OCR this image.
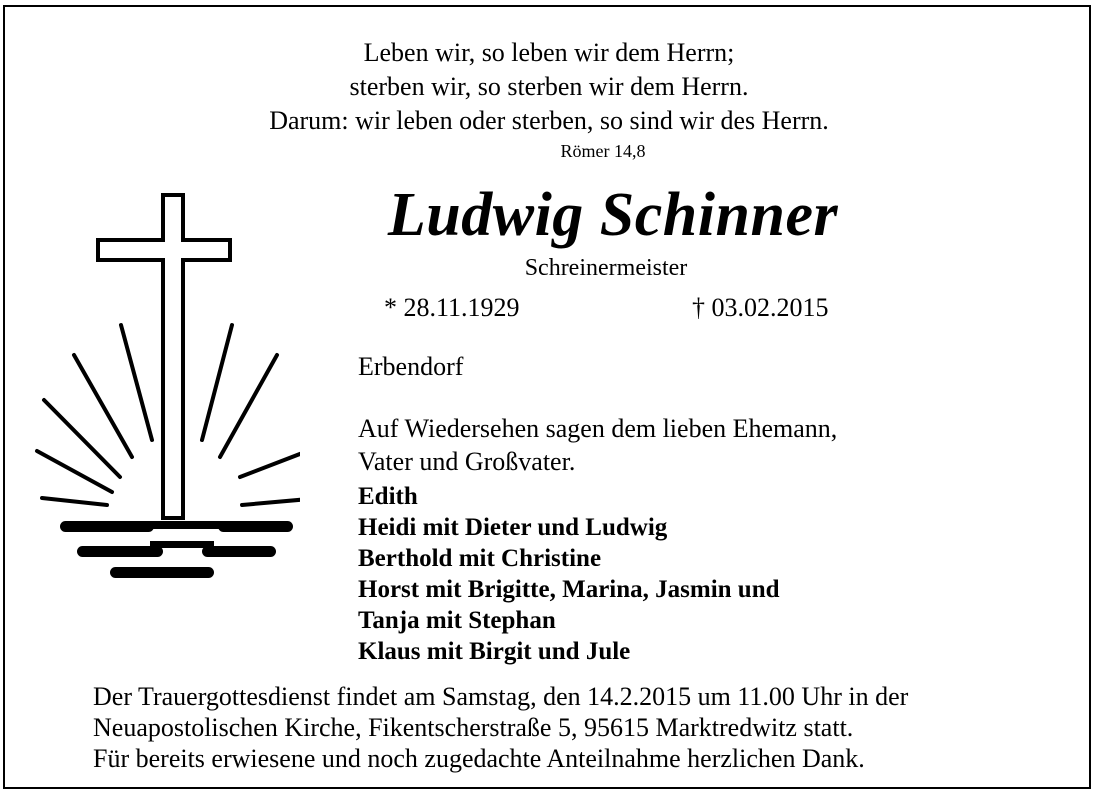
Leben wir, so leben wir dem Herrn;
sterben wir, so sterben wir dem Herrn.
Darum: wir leben oder sterben, so sind wir des Herrn.
Römer 14,8
Ludwig Schinner
Schreinermeister
* 28.11.1929	† 03.02.2015
Erbendorf
Auf Wiedersehen sagen dem lieben Ehemann,
Vater und Großvater.
Edith
Heidi mit Dieter und Ludwig
Berthold mit Christine
Horst mit Brigitte, Marina, Jasmin und
Tanja mit Stephan
Klaus mit Birgit und Jule
Der Trauergottesdienst findet am Samstag, den 14.2.2015 um 11.00 Uhr in der
Neuapostolischen Kirche, Fikentscherstraße 5, 95615 Marktredwitz statt.
Für bereits erwiesene und noch zugedachte Anteilnahme herzlichen Dank.
